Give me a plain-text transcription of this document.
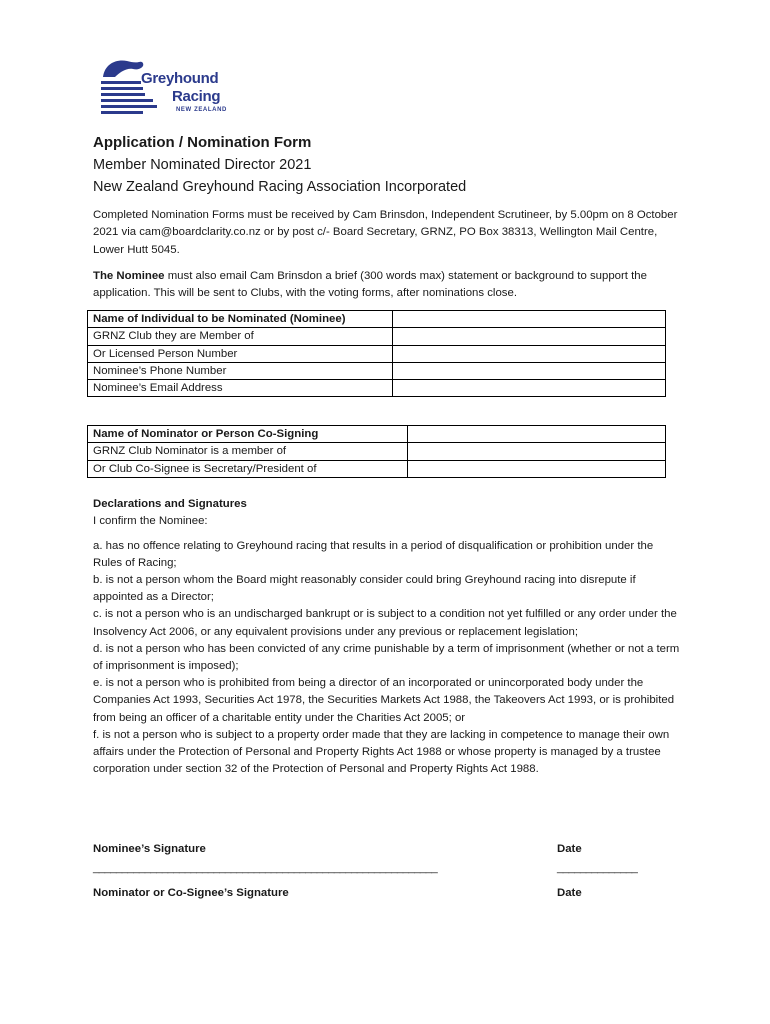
Greyhound
Racing
NEW ZEALAND

Application / Nomination Form

Member Nominated Director 2021

New Zealand Greyhound Racing Association Incorporated

Completed Nomination Forms must be received by Cam Brinsdon, Independent Scrutineer, by 5.00pm on 8 October 2021 via cam@boardclarity.co.nz or by post c/- Board Secretary, GRNZ, PO Box 38313, Wellington Mail Centre, Lower Hutt 5045.

The Nominee must also email Cam Brinsdon a brief (300 words max) statement or background to support the application. This will be sent to Clubs, with the voting forms, after nominations close.

Name of Individual to be Nominated (Nominee)	
GRNZ Club they are Member of	
Or Licensed Person Number	
Nominee’s Phone Number	
Nominee’s Email Address	
Name of Nominator or Person Co-Signing	
GRNZ Club Nominator is a member of	
Or Club Co-Signee is Secretary/President of	
Declarations and Signatures
I confirm the Nominee:
a. has no offence relating to Greyhound racing that results in a period of disqualification or prohibition under the Rules of Racing;
b. is not a person whom the Board might reasonably consider could bring Greyhound racing into disrepute if appointed as a Director;
c. is not a person who is an undischarged bankrupt or is subject to a condition not yet fulfilled or any order under the Insolvency Act 2006, or any equivalent provisions under any previous or replacement legislation;
d. is not a person who has been convicted of any crime punishable by a term of imprisonment (whether or not a term of imprisonment is imposed);
e. is not a person who is prohibited from being a director of an incorporated or unincorporated body under the Companies Act 1993, Securities Act 1978, the Securities Markets Act 1988, the Takeovers Act 1993, or is prohibited from being an officer of a charitable entity under the Charities Act 2005; or
f. is not a person who is subject to a property order made that they are lacking in competence to manage their own affairs under the Protection of Personal and Property Rights Act 1988 or whose property is managed by a trustee corporation under section 32 of the Protection of Personal and Property Rights Act 1988.
Nominee’s Signature	Date
____________________________________________________________	______________
Nominator or Co-Signee’s Signature	Date
